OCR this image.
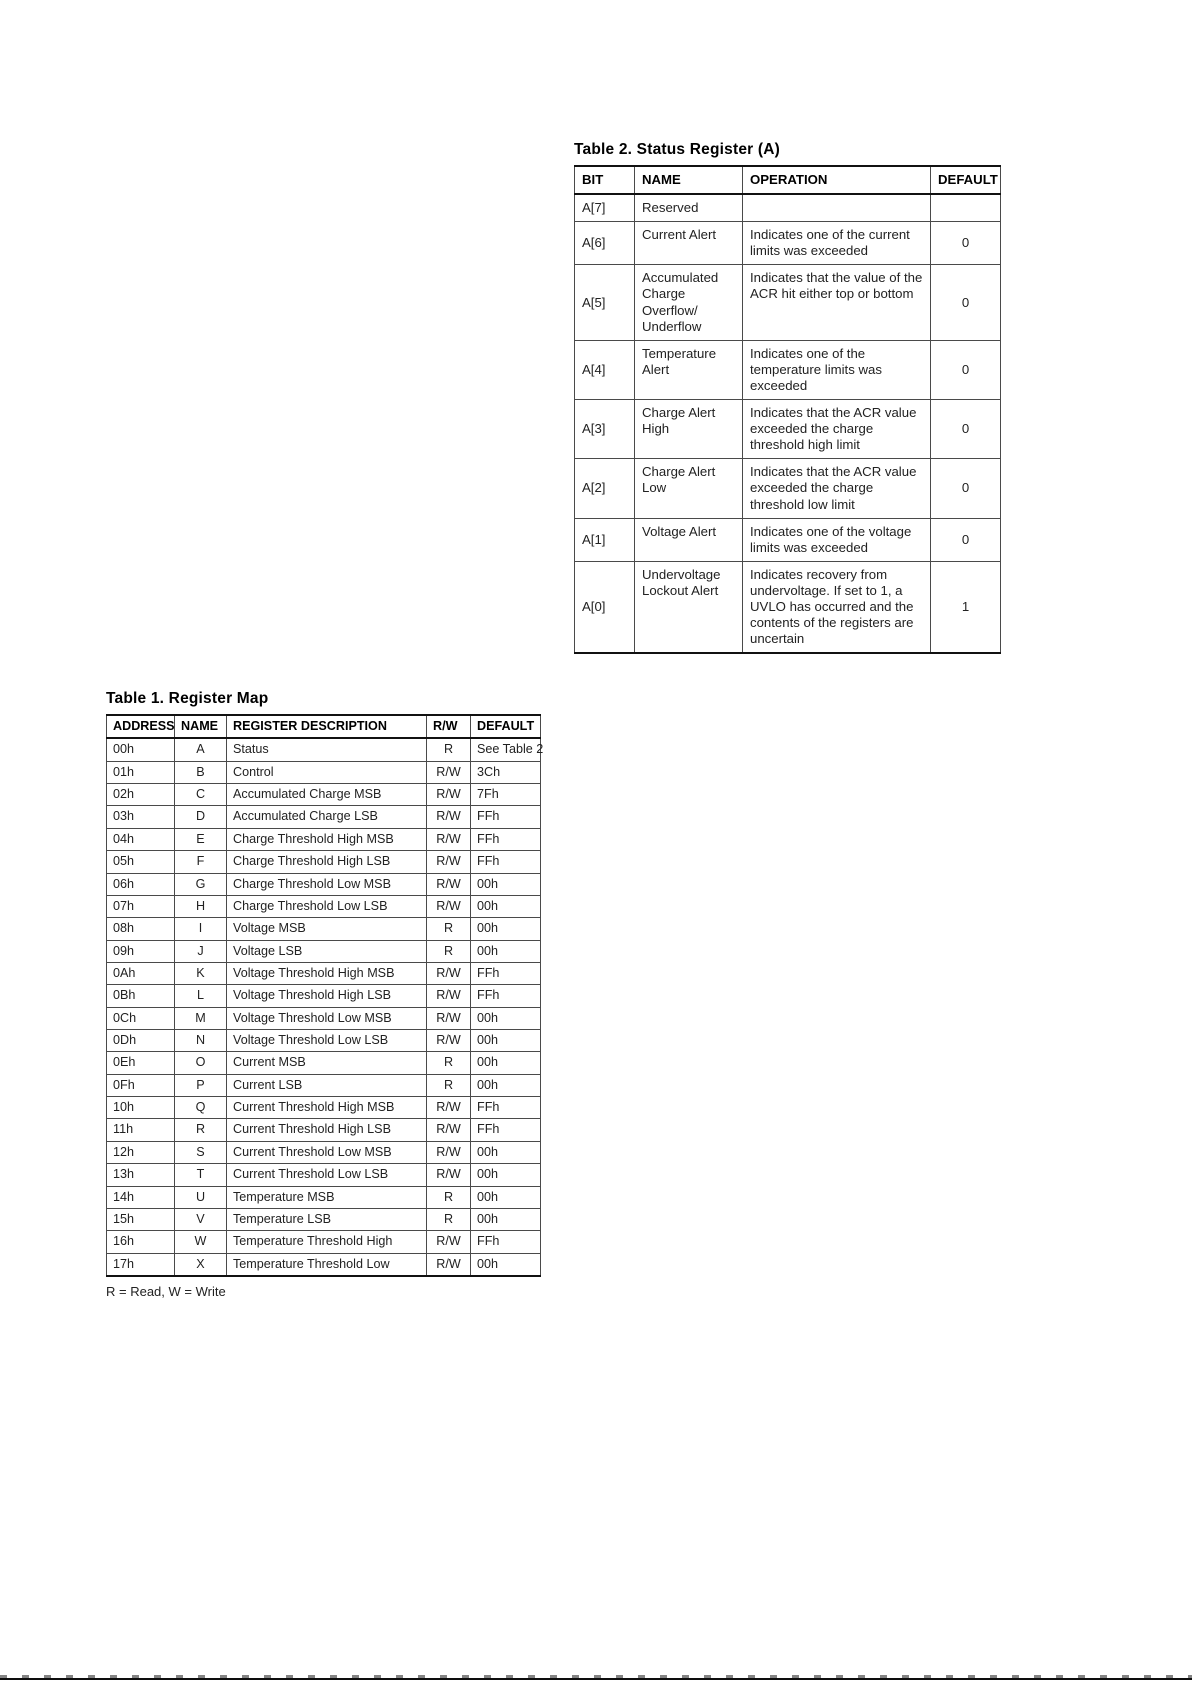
Table 2. Status Register (A)
BIT	NAME	OPERATION	DEFAULT
A[7]	Reserved		
A[6]	Current Alert	Indicates one of the current limits was exceeded	0
A[5]	Accumulated Charge Overflow/ Underflow	Indicates that the value of the ACR hit either top or bottom	0
A[4]	Temperature Alert	Indicates one of the temperature limits was exceeded	0
A[3]	Charge Alert High	Indicates that the ACR value exceeded the charge threshold high limit	0
A[2]	Charge Alert Low	Indicates that the ACR value exceeded the charge threshold low limit	0
A[1]	Voltage Alert	Indicates one of the voltage limits was exceeded	0
A[0]	Undervoltage Lockout Alert	Indicates recovery from undervoltage. If set to 1, a UVLO has occurred and the contents of the registers are uncertain	1
Table 1. Register Map
ADDRESS	NAME	REGISTER DESCRIPTION	R/W	DEFAULT
00h	A	Status	R	See Table 2
01h	B	Control	R/W	3Ch
02h	C	Accumulated Charge MSB	R/W	7Fh
03h	D	Accumulated Charge LSB	R/W	FFh
04h	E	Charge Threshold High MSB	R/W	FFh
05h	F	Charge Threshold High LSB	R/W	FFh
06h	G	Charge Threshold Low MSB	R/W	00h
07h	H	Charge Threshold Low LSB	R/W	00h
08h	I	Voltage MSB	R	00h
09h	J	Voltage LSB	R	00h
0Ah	K	Voltage Threshold High MSB	R/W	FFh
0Bh	L	Voltage Threshold High LSB	R/W	FFh
0Ch	M	Voltage Threshold Low MSB	R/W	00h
0Dh	N	Voltage Threshold Low LSB	R/W	00h
0Eh	O	Current MSB	R	00h
0Fh	P	Current LSB	R	00h
10h	Q	Current Threshold High MSB	R/W	FFh
11h	R	Current Threshold High LSB	R/W	FFh
12h	S	Current Threshold Low MSB	R/W	00h
13h	T	Current Threshold Low LSB	R/W	00h
14h	U	Temperature MSB	R	00h
15h	V	Temperature LSB	R	00h
16h	W	Temperature Threshold High	R/W	FFh
17h	X	Temperature Threshold Low	R/W	00h
R = Read, W = Write
